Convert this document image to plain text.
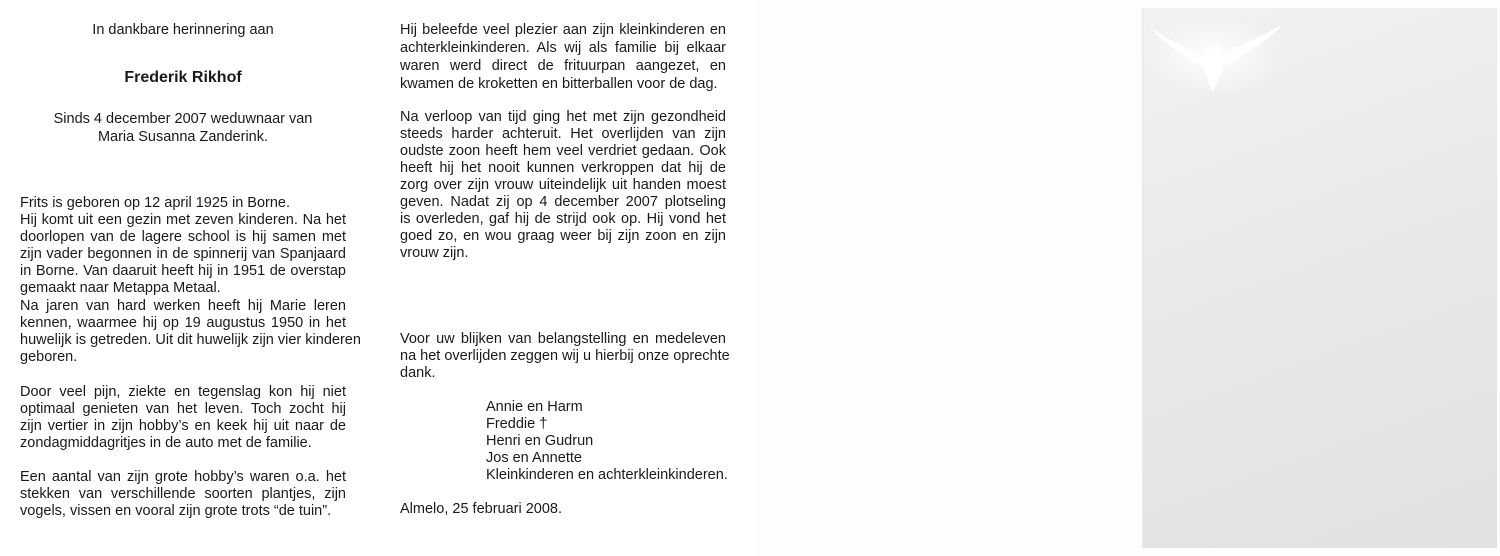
In dankbare herinnering aan
Frederik Rikhof
Sinds 4 december 2007 weduwnaar van
Maria Susanna Zanderink.
Frits is geboren op 12 april 1925 in Borne.
Hij komt uit een gezin met zeven kinderen. Na het
doorlopen van de lagere school is hij samen met
zijn vader begonnen in de spinnerij van Spanjaard
in Borne. Van daaruit heeft hij in 1951 de overstap
gemaakt naar Metappa Metaal.
Na jaren van hard werken heeft hij Marie leren
kennen, waarmee hij op 19 augustus 1950 in het
huwelijk is getreden. Uit dit huwelijk zijn vier kinderen
geboren.
Door veel pijn, ziekte en tegenslag kon hij niet
optimaal genieten van het leven. Toch zocht hij
zijn vertier in zijn hobby’s en keek hij uit naar de
zondagmiddagritjes in de auto met de familie.
Een aantal van zijn grote hobby’s waren o.a. het
stekken van verschillende soorten plantjes, zijn
vogels, vissen en vooral zijn grote trots “de tuin”.
Hij beleefde veel plezier aan zijn kleinkinderen en
achterkleinkinderen. Als wij als familie bij elkaar
waren werd direct de frituurpan aangezet, en
kwamen de kroketten en bitterballen voor de dag.
Na verloop van tijd ging het met zijn gezondheid
steeds harder achteruit. Het overlijden van zijn
oudste zoon heeft hem veel verdriet gedaan. Ook
heeft hij het nooit kunnen verkroppen dat hij de
zorg over zijn vrouw uiteindelijk uit handen moest
geven. Nadat zij op 4 december 2007 plotseling
is overleden, gaf hij de strijd ook op. Hij vond het
goed zo, en wou graag weer bij zijn zoon en zijn
vrouw zijn.
Voor uw blijken van belangstelling en medeleven
na het overlijden zeggen wij u hierbij onze oprechte
dank.
Annie en Harm
Freddie †
Henri en Gudrun
Jos en Annette
Kleinkinderen en achterkleinkinderen.
Almelo, 25 februari 2008.
